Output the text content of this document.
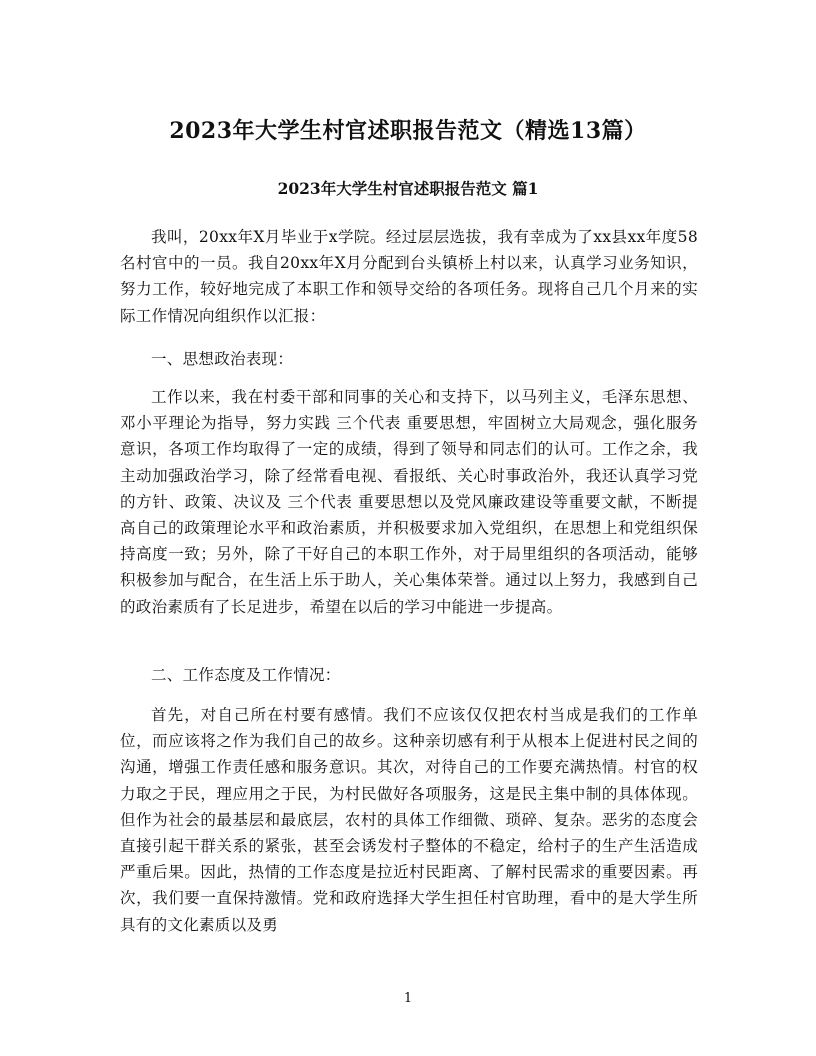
2023年大学生村官述职报告范文（精选13篇）
2023年大学生村官述职报告范文 篇1

我叫，20xx年X月毕业于x学院。经过层层选拔，我有幸成为了xx县xx年度58名村官中的一员。我自20xx年X月分配到台头镇桥上村以来，认真学习业务知识，努力工作，较好地完成了本职工作和领导交给的各项任务。现将自己几个月来的实际工作情况向组织作以汇报：

一、思想政治表现：

工作以来，我在村委干部和同事的关心和支持下，以马列主义，毛泽东思想、邓小平理论为指导，努力实践 三个代表 重要思想，牢固树立大局观念，强化服务意识，各项工作均取得了一定的成绩，得到了领导和同志们的认可。工作之余，我主动加强政治学习，除了经常看电视、看报纸、关心时事政治外，我还认真学习党的方针、政策、决议及 三个代表 重要思想以及党风廉政建设等重要文献，不断提高自己的政策理论水平和政治素质，并积极要求加入党组织，在思想上和党组织保持高度一致；另外，除了干好自己的本职工作外，对于局里组织的各项活动，能够积极参加与配合，在生活上乐于助人，关心集体荣誉。通过以上努力，我感到自己的政治素质有了长足进步，希望在以后的学习中能进一步提高。

二、工作态度及工作情况：

首先，对自己所在村要有感情。我们不应该仅仅把农村当成是我们的工作单位，而应该将之作为我们自己的故乡。这种亲切感有利于从根本上促进村民之间的沟通，增强工作责任感和服务意识。其次，对待自己的工作要充满热情。村官的权力取之于民，理应用之于民，为村民做好各项服务，这是民主集中制的具体体现。但作为社会的最基层和最底层，农村的具体工作细微、琐碎、复杂。恶劣的态度会直接引起干群关系的紧张，甚至会诱发村子整体的不稳定，给村子的生产生活造成严重后果。因此，热情的工作态度是拉近村民距离、了解村民需求的重要因素。再次，我们要一直保持激情。党和政府选择大学生担任村官助理，看中的是大学生所具有的文化素质以及勇

1
